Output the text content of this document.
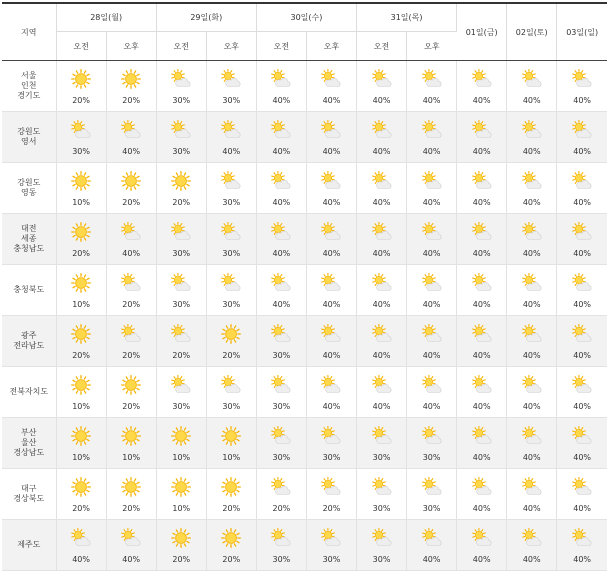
지역	28일(월)		29일(화)		30일(수)		31일(목)		01일(금)	02일(토)	03일(일)
	오전	오후	오전	오후	오전	오후	오전	오후			

서울
인천
경기도	20%	20%	30%	30%	40%	40%	40%	40%	40%	40%	40%

강원도
영서	30%	40%	30%	40%	40%	40%	40%	40%	40%	40%	40%

강원도
영동	10%	20%	20%	30%	40%	40%	40%	40%	40%	40%	40%

대전
세종
충청남도	20%	40%	30%	30%	40%	40%	40%	40%	40%	40%	40%

충청북도	10%	20%	30%	30%	40%	40%	40%	40%	40%	40%	40%

광주
전라남도	20%	20%	20%	20%	30%	40%	40%	40%	40%	40%	40%

전북자치도	10%	20%	30%	30%	30%	40%	40%	40%	40%	40%	40%

부산
울산
경상남도	10%	10%	10%	10%	30%	30%	30%	30%	40%	40%	40%

대구
경상북도	20%	20%	10%	20%	20%	20%	30%	30%	40%	40%	40%

제주도	40%	40%	20%	20%	30%	30%	30%	40%	40%	40%	40%
